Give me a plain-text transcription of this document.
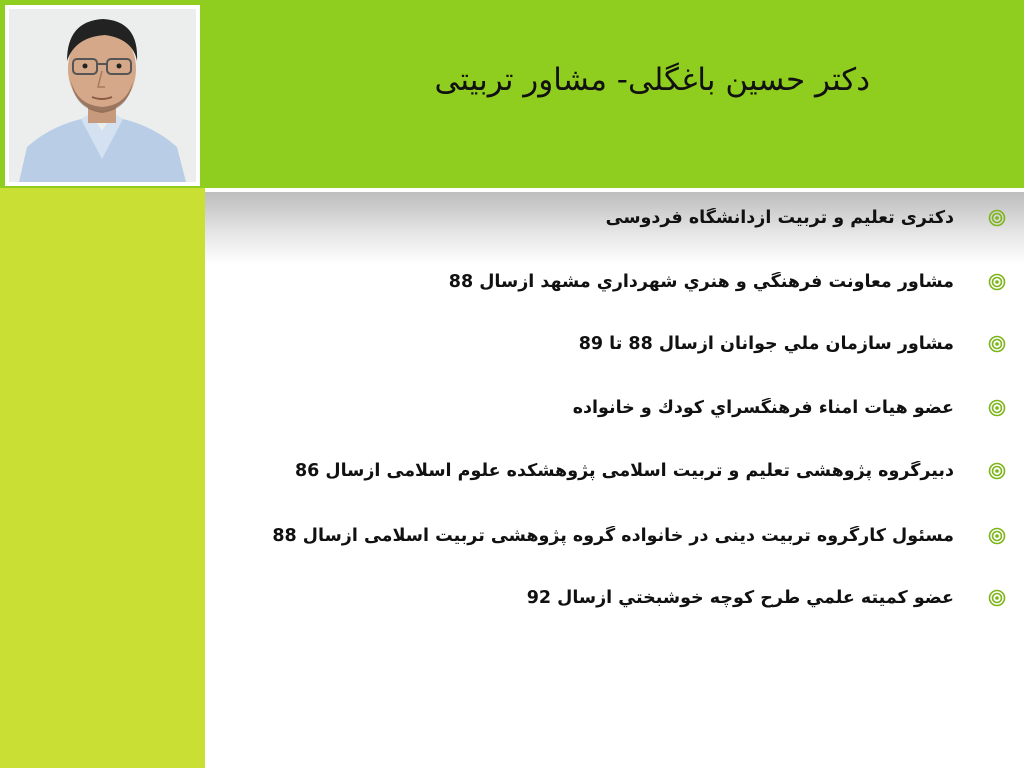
دکتر حسین باغگلی- مشاور تربیتی
دکتری تعلیم و تربیت ازدانشگاه فردوسی
مشاور معاونت فرهنگي و هنري شهرداري مشهد ازسال 88
مشاور سازمان ملي جوانان ازسال 88 تا 89
عضو هيات امناء فرهنگسراي كودك و خانواده
دبيرگروه پژوهشی تعلیم و تربیت اسلامی پژوهشکده علوم اسلامی ازسال 86
مسئول کارگروه تربیت دینی در خانواده گروه پژوهشی تربیت اسلامی ازسال 88
عضو كميته علمي طرح كوچه خوشبختي ازسال 92
